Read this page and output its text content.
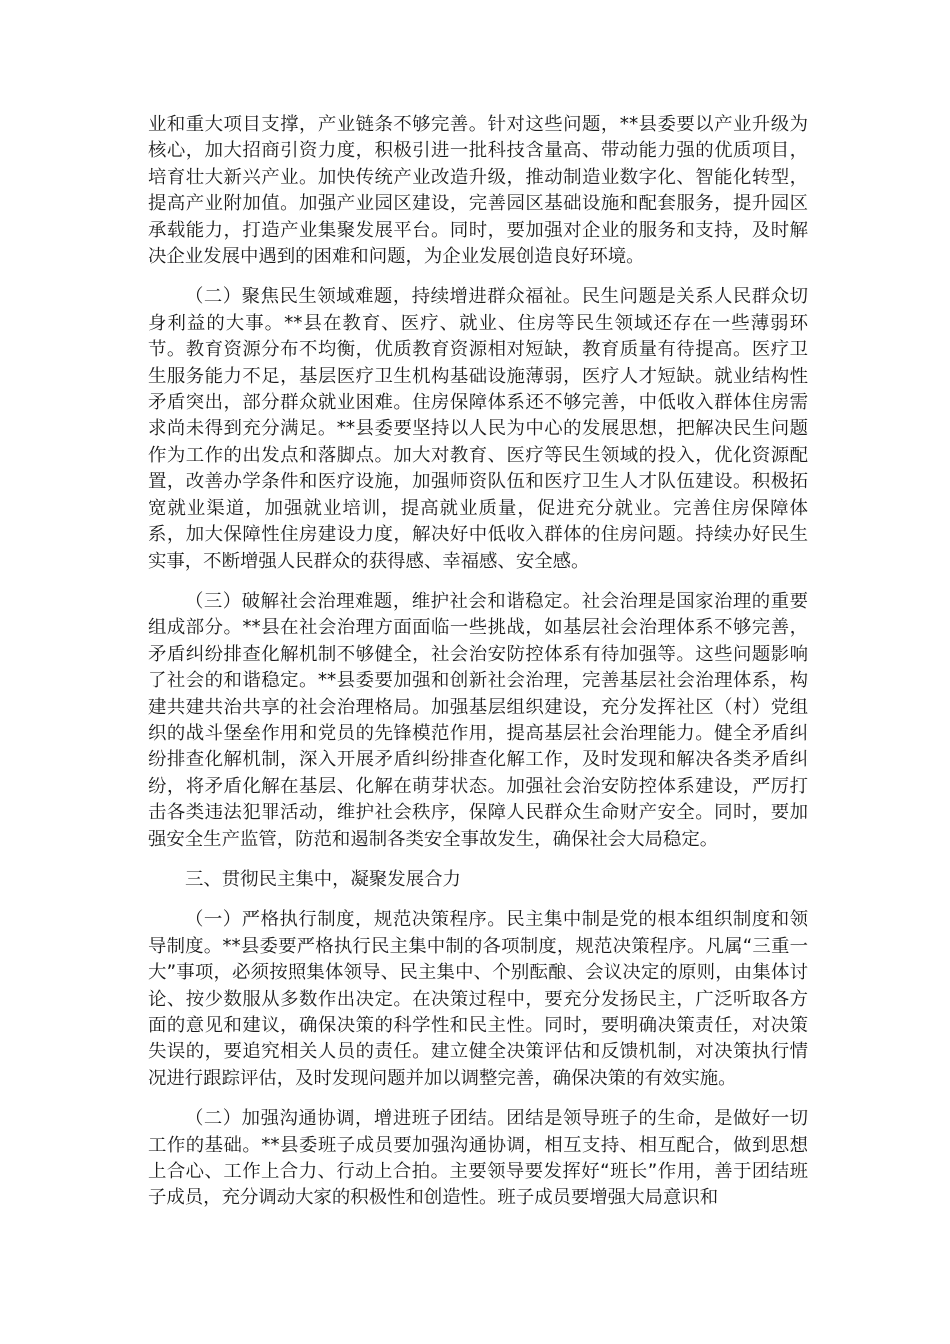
业和重大项目支撑，产业链条不够完善。针对这些问题，**县委要以产业升级为核心，加大招商引资力度，积极引进一批科技含量高、带动能力强的优质项目，培育壮大新兴产业。加快传统产业改造升级，推动制造业数字化、智能化转型，提高产业附加值。加强产业园区建设，完善园区基础设施和配套服务，提升园区承载能力，打造产业集聚发展平台。同时，要加强对企业的服务和支持，及时解决企业发展中遇到的困难和问题，为企业发展创造良好环境。

（二）聚焦民生领域难题，持续增进群众福祉。民生问题是关系人民群众切身利益的大事。**县在教育、医疗、就业、住房等民生领域还存在一些薄弱环节。教育资源分布不均衡，优质教育资源相对短缺，教育质量有待提高。医疗卫生服务能力不足，基层医疗卫生机构基础设施薄弱，医疗人才短缺。就业结构性矛盾突出，部分群众就业困难。住房保障体系还不够完善，中低收入群体住房需求尚未得到充分满足。**县委要坚持以人民为中心的发展思想，把解决民生问题作为工作的出发点和落脚点。加大对教育、医疗等民生领域的投入，优化资源配置，改善办学条件和医疗设施，加强师资队伍和医疗卫生人才队伍建设。积极拓宽就业渠道，加强就业培训，提高就业质量，促进充分就业。完善住房保障体系，加大保障性住房建设力度，解决好中低收入群体的住房问题。持续办好民生实事，不断增强人民群众的获得感、幸福感、安全感。

（三）破解社会治理难题，维护社会和谐稳定。社会治理是国家治理的重要组成部分。**县在社会治理方面面临一些挑战，如基层社会治理体系不够完善，矛盾纠纷排查化解机制不够健全，社会治安防控体系有待加强等。这些问题影响了社会的和谐稳定。**县委要加强和创新社会治理，完善基层社会治理体系，构建共建共治共享的社会治理格局。加强基层组织建设，充分发挥社区（村）党组织的战斗堡垒作用和党员的先锋模范作用，提高基层社会治理能力。健全矛盾纠纷排查化解机制，深入开展矛盾纠纷排查化解工作，及时发现和解决各类矛盾纠纷，将矛盾化解在基层、化解在萌芽状态。加强社会治安防控体系建设，严厉打击各类违法犯罪活动，维护社会秩序，保障人民群众生命财产安全。同时，要加强安全生产监管，防范和遏制各类安全事故发生，确保社会大局稳定。

三、贯彻民主集中，凝聚发展合力

（一）严格执行制度，规范决策程序。民主集中制是党的根本组织制度和领导制度。**县委要严格执行民主集中制的各项制度，规范决策程序。凡属“三重一大”事项，必须按照集体领导、民主集中、个别酝酿、会议决定的原则，由集体讨论、按少数服从多数作出决定。在决策过程中，要充分发扬民主，广泛听取各方面的意见和建议，确保决策的科学性和民主性。同时，要明确决策责任，对决策失误的，要追究相关人员的责任。建立健全决策评估和反馈机制，对决策执行情况进行跟踪评估，及时发现问题并加以调整完善，确保决策的有效实施。

（二）加强沟通协调，增进班子团结。团结是领导班子的生命，是做好一切工作的基础。**县委班子成员要加强沟通协调，相互支持、相互配合，做到思想上合心、工作上合力、行动上合拍。主要领导要发挥好“班长”作用，善于团结班子成员，充分调动大家的积极性和创造性。班子成员要增强大局意识和
